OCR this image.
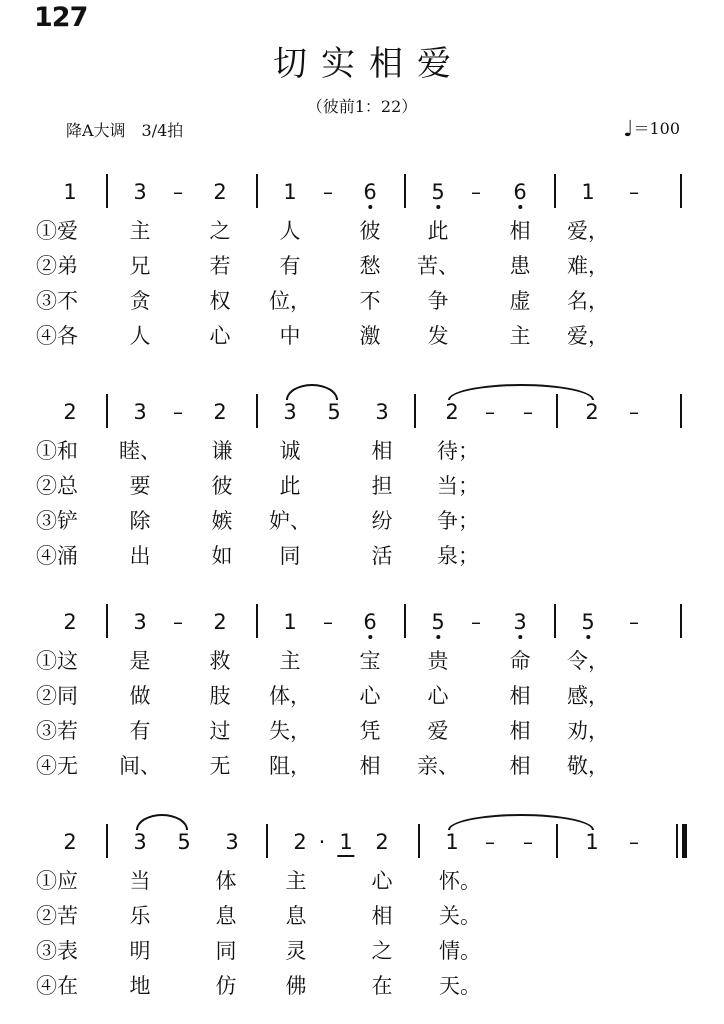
127
切实相爱
（彼前1：22）
降A大调　3/4拍	♩＝100
1	3 – 2	1 – 6	5 – 6	1 –
①爱 主	之 人	彼 此	相 爱，
②弟 兄	若 有	愁 苦、 患 难，
③不 贪	权 位， 不 争	虚 名，
④各 人	心 中	激 发	主 爱，
2	3 – 2	3 5 3	2 – – 2 –
①和 睦、 谦 诚	相 待；
②总 要	彼 此	担 当；
③铲 除	嫉 妒、	纷 争；
④涌 出	如 同	活 泉；
2	3 – 2	1 – 6	5 – 3	5 –
①这 是	救 主	宝 贵	命 令，
②同 做	肢 体， 心 心	相 感，
③若 有	过 失， 凭 爱	相 劝，
④无 间、 无 阻， 相 亲、 相 敬，
2	3 5 3	2 · 1 2	1 – – 1 –
①应 当	体 主	心 怀。
②苦 乐	息 息	相 关。
③表 明	同 灵	之 情。
④在 地	仿 佛	在 天。
